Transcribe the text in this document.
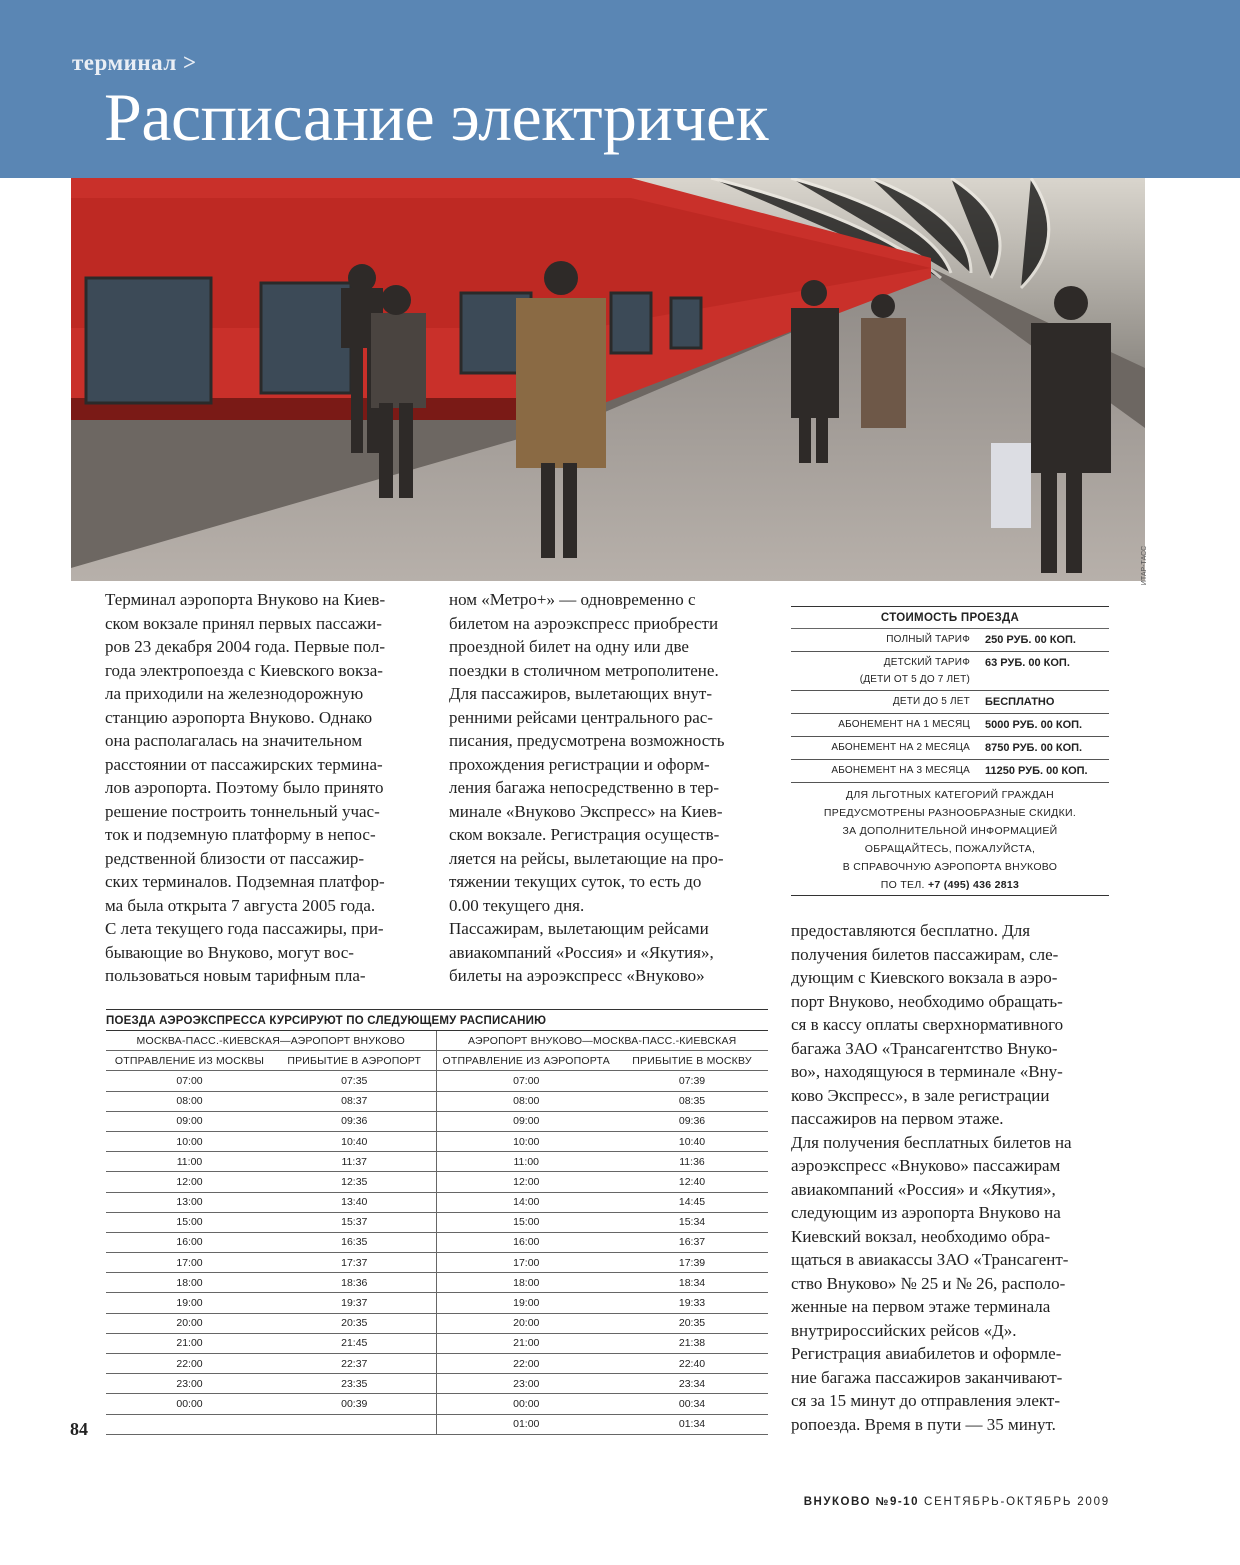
терминал >
Расписание электричек
ИТАР-ТАСС

Терминал аэропорта Внуково на Киев-

ском вокзале принял первых пассажи-

ров 23 декабря 2004 года. Первые пол-

года электропоезда с Киевского вокза-

ла приходили на железнодорожную

станцию аэропорта Внуково. Однако

она располагалась на значительном

расстоянии от пассажирских термина-

лов аэропорта. Поэтому было принято

решение построить тоннельный учас-

ток и подземную платформу в непос-

редственной близости от пассажир-

ских терминалов. Подземная платфор-

ма была открыта 7 августа 2005 года.

С лета текущего года пассажиры, при-

бывающие во Внуково, могут вос-

пользоваться новым тарифным пла-

ном «Метро+» — одновременно с

билетом на аэроэкспресс приобрести

проездной билет на одну или две

поездки в столичном метрополитене.

Для пассажиров, вылетающих внут-

ренними рейсами центрального рас-

писания, предусмотрена возможность

прохождения регистрации и оформ-

ления багажа непосредственно в тер-

минале «Внуково Экспресс» на Киев-

ском вокзале. Регистрация осуществ-

ляется на рейсы, вылетающие на про-

тяжении текущих суток, то есть до

0.00 текущего дня.

Пассажирам, вылетающим рейсами

авиакомпаний «Россия» и «Якутия»,

билеты на аэроэкспресс «Внуково»

предоставляются бесплатно. Для

получения билетов пассажирам, сле-

дующим с Киевского вокзала в аэро-

порт Внуково, необходимо обращать-

ся в кассу оплаты сверхнормативного

багажа ЗАО «Трансагентство Внуко-

во», находящуюся в терминале «Вну-

ково Экспресс», в зале регистрации

пассажиров на первом этаже.

Для получения бесплатных билетов на

аэроэкспресс «Внуково» пассажирам

авиакомпаний «Россия» и «Якутия»,

следующим из аэропорта Внуково на

Киевский вокзал, необходимо обра-

щаться в авиакассы ЗАО «Трансагент-

ство Внуково» № 25 и № 26, располо-

женные на первом этаже терминала

внутрироссийских рейсов «Д».

Регистрация авиабилетов и оформле-

ние багажа пассажиров заканчивают-

ся за 15 минут до отправления элект-

ропоезда. Время в пути — 35 минут.

СТОИМОСТЬ ПРОЕЗДА
ПОЛНЫЙ ТАРИФ	250 РУБ. 00 КОП.

ДЕТСКИЙ ТАРИФ
(ДЕТИ ОТ 5 ДО 7 ЛЕТ)	63 РУБ. 00 КОП.

ДЕТИ ДО 5 ЛЕТ	БЕСПЛАТНО

АБОНЕМЕНТ НА 1 МЕСЯЦ	5000 РУБ. 00 КОП.

АБОНЕМЕНТ НА 2 МЕСЯЦА	8750 РУБ. 00 КОП.

АБОНЕМЕНТ НА 3 МЕСЯЦА	11250 РУБ. 00 КОП.
ДЛЯ ЛЬГОТНЫХ КАТЕГОРИЙ ГРАЖДАН
ПРЕДУСМОТРЕНЫ РАЗНООБРАЗНЫЕ СКИДКИ.
ЗА ДОПОЛНИТЕЛЬНОЙ ИНФОРМАЦИЕЙ
ОБРАЩАЙТЕСЬ, ПОЖАЛУЙСТА,
В СПРАВОЧНУЮ АЭРОПОРТА ВНУКОВО
ПО ТЕЛ. +7 (495) 436 2813
ПОЕЗДА АЭРОЭКСПРЕССА КУРСИРУЮТ ПО СЛЕДУЮЩЕМУ РАСПИСАНИЮ
МОСКВА-ПАСС.-КИЕВСКАЯ—АЭРОПОРТ ВНУКОВО		АЭРОПОРТ ВНУКОВО—МОСКВА-ПАСС.-КИЕВСКАЯ	
ОТПРАВЛЕНИЕ ИЗ МОСКВЫ	ПРИБЫТИЕ В АЭРОПОРТ	ОТПРАВЛЕНИЕ ИЗ АЭРОПОРТА	ПРИБЫТИЕ В МОСКВУ
07:00	07:35	07:00	07:39
08:00	08:37	08:00	08:35
09:00	09:36	09:00	09:36
10:00	10:40	10:00	10:40
11:00	11:37	11:00	11:36
12:00	12:35	12:00	12:40
13:00	13:40	14:00	14:45
15:00	15:37	15:00	15:34
16:00	16:35	16:00	16:37
17:00	17:37	17:00	17:39
18:00	18:36	18:00	18:34
19:00	19:37	19:00	19:33
20:00	20:35	20:00	20:35
21:00	21:45	21:00	21:38
22:00	22:37	22:00	22:40
23:00	23:35	23:00	23:34
00:00	00:39	00:00	00:34
		01:00	01:34
84
ВНУКОВО №9-10 СЕНТЯБРЬ-ОКТЯБРЬ 2009
